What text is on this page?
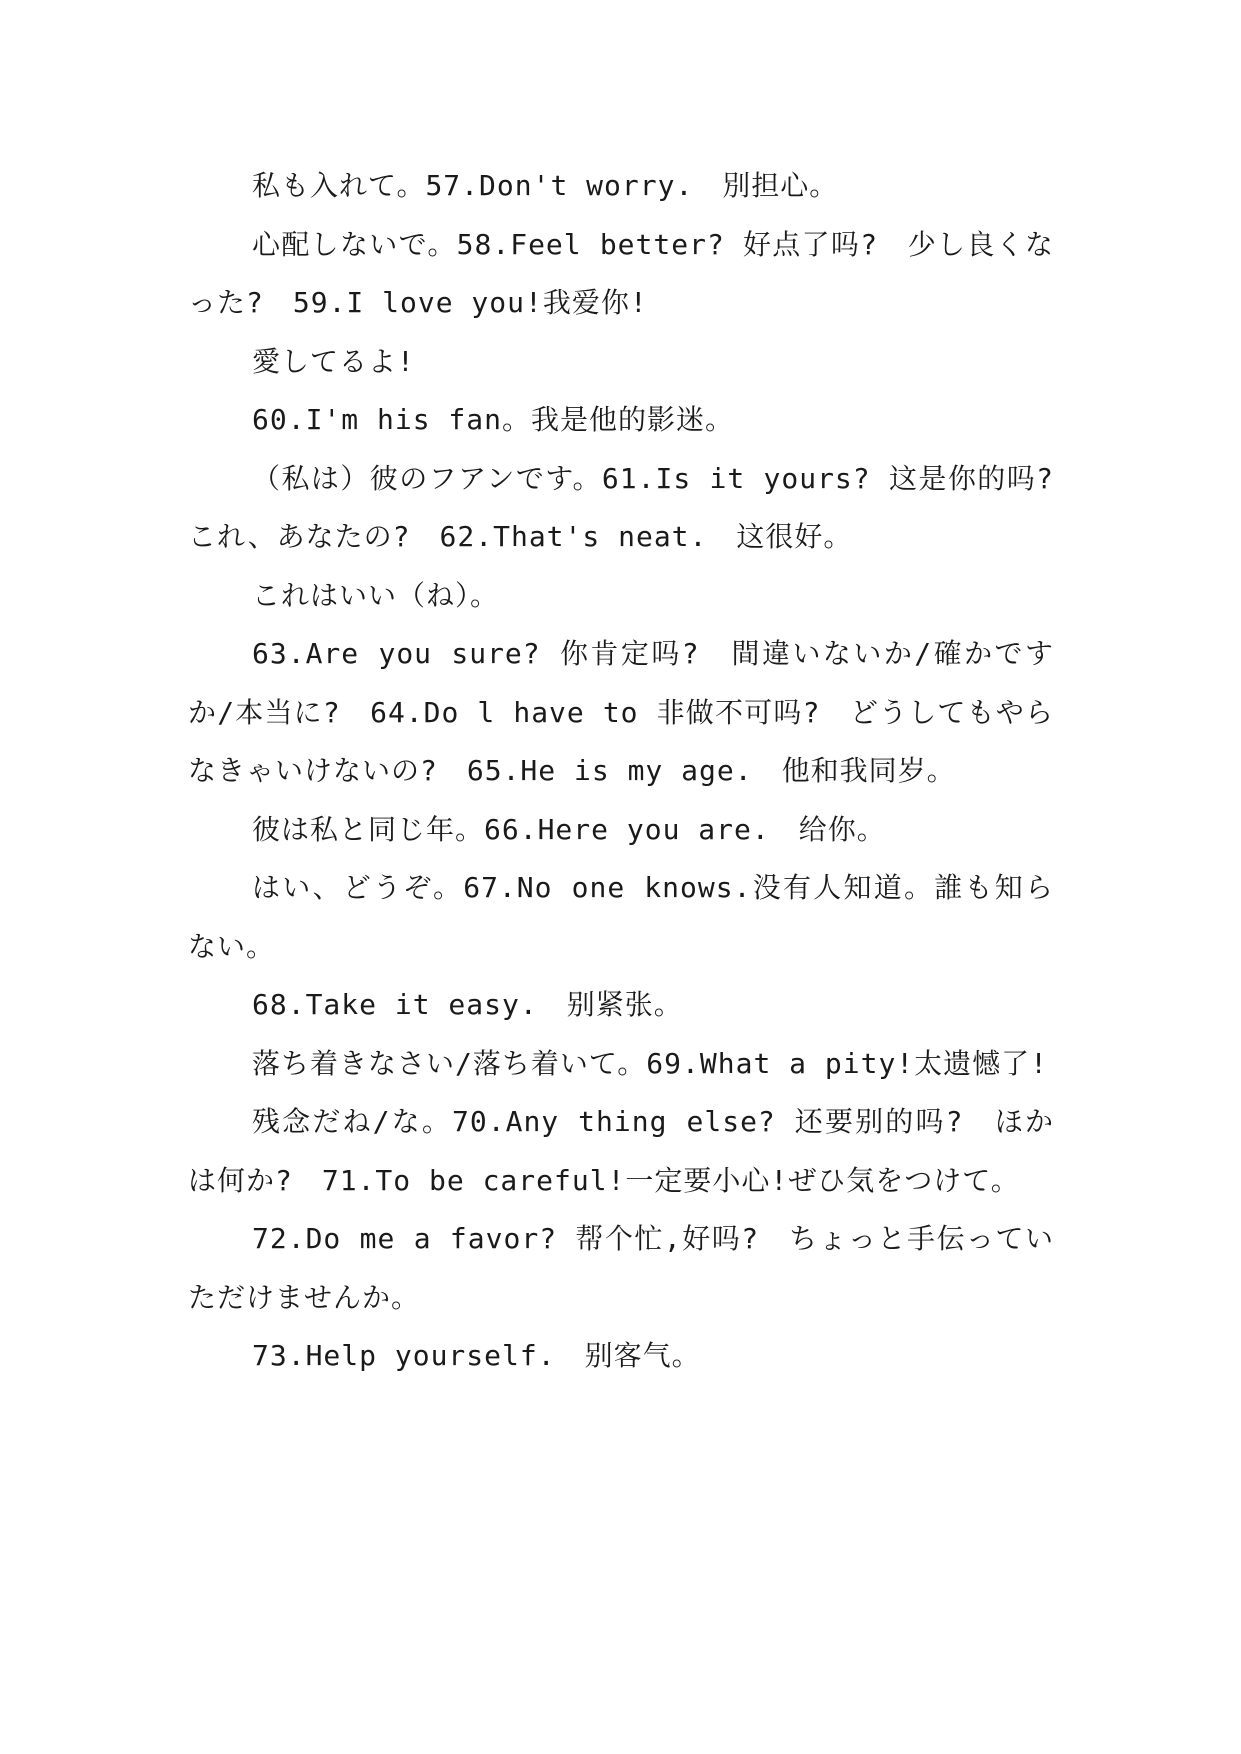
私も入れて。57.Don't worry.　別担心。

心配しないで。58.Feel better? 好点了吗?　少し良くなった?　59.I love you!我爱你!

愛してるよ!

60.I'm his fan。我是他的影迷。

（私は）彼のフアンです。61.Is it yours? 这是你的吗?　これ、あなたの?　62.That's neat.　这很好。

これはいい（ね）。

63.Are you sure? 你肯定吗?　間違いないか/確かですか/本当に?　64.Do l have to 非做不可吗?　どうしてもやらなきゃいけないの?　65.He is my age.　他和我同岁。

彼は私と同じ年。66.Here you are.　给你。

はい、どうぞ。67.No one knows.没有人知道。誰も知らない。

68.Take it easy.　别紧张。

落ち着きなさい/落ち着いて。69.What a pity!太遗憾了!

残念だね/な。70.Any thing else? 还要别的吗?　ほかは何か?　71.To be careful!一定要小心!ぜひ気をつけて。

72.Do me a favor? 帮个忙,好吗?　ちょっと手伝っていただけませんか。

73.Help yourself.　别客气。
